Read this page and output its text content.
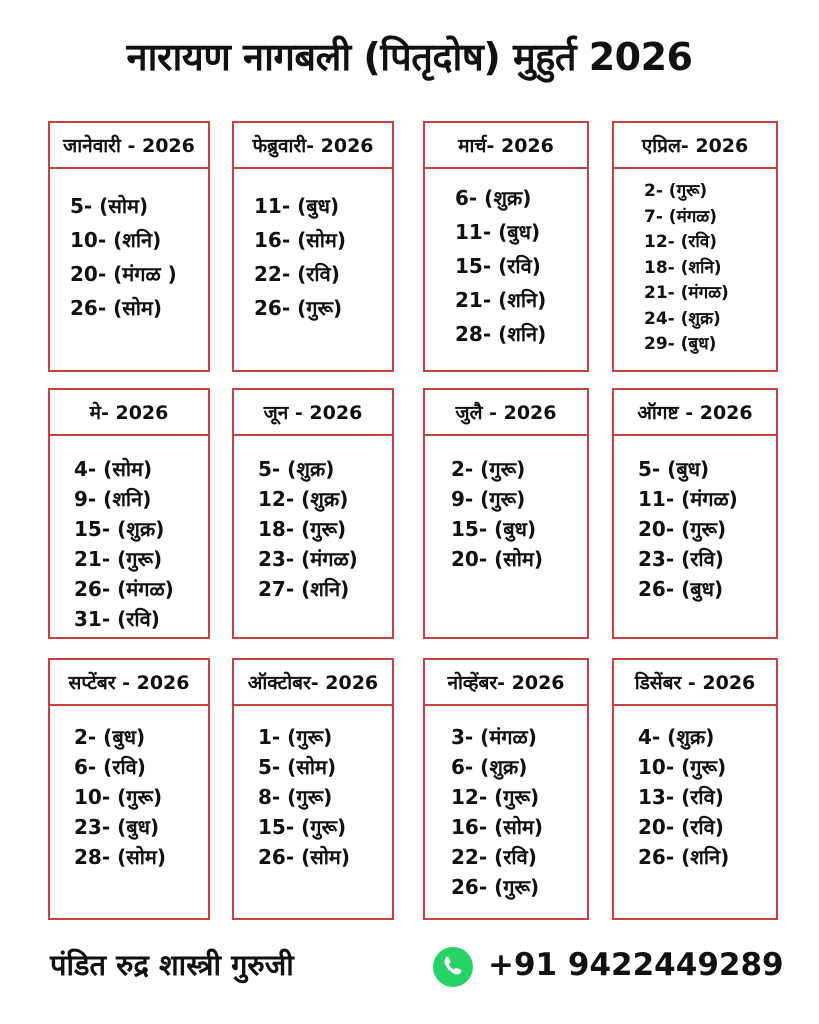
नारायण नागबली (पितृदोष) मुहुर्त 2026
जानेवारी - 2026
5- (सोम)
10- (शनि)
20- (मंगळ )
26- (सोम)
फेब्रुवारी- 2026
11- (बुध)
16- (सोम)
22- (रवि)
26- (गुरू)
मार्च- 2026
6- (शुक्र)
11- (बुध)
15- (रवि)
21- (शनि)
28- (शनि)
एप्रिल- 2026
2- (गुरू)
7- (मंगळ)
12- (रवि)
18- (शनि)
21- (मंगळ)
24- (शुक्र)
29- (बुध)
मे- 2026
4- (सोम)
9- (शनि)
15- (शुक्र)
21- (गुरू)
26- (मंगळ)
31- (रवि)
जून - 2026
5- (शुक्र)
12- (शुक्र)
18- (गुरू)
23- (मंगळ)
27- (शनि)
जुलै - 2026
2- (गुरू)
9- (गुरू)
15- (बुध)
20- (सोम)
ऑगष्ट - 2026
5- (बुध)
11- (मंगळ)
20- (गुरू)
23- (रवि)
26- (बुध)
सप्टेंबर - 2026
2- (बुध)
6- (रवि)
10- (गुरू)
23- (बुध)
28- (सोम)
ऑक्टोबर- 2026
1- (गुरू)
5- (सोम)
8- (गुरू)
15- (गुरू)
26- (सोम)
नोव्हेंबर- 2026
3- (मंगळ)
6- (शुक्र)
12- (गुरू)
16- (सोम)
22- (रवि)
26- (गुरू)
डिसेंबर - 2026
4- (शुक्र)
10- (गुरू)
13- (रवि)
20- (रवि)
26- (शनि)
पंडित रुद्र शास्त्री गुरुजी	+91 9422449289
